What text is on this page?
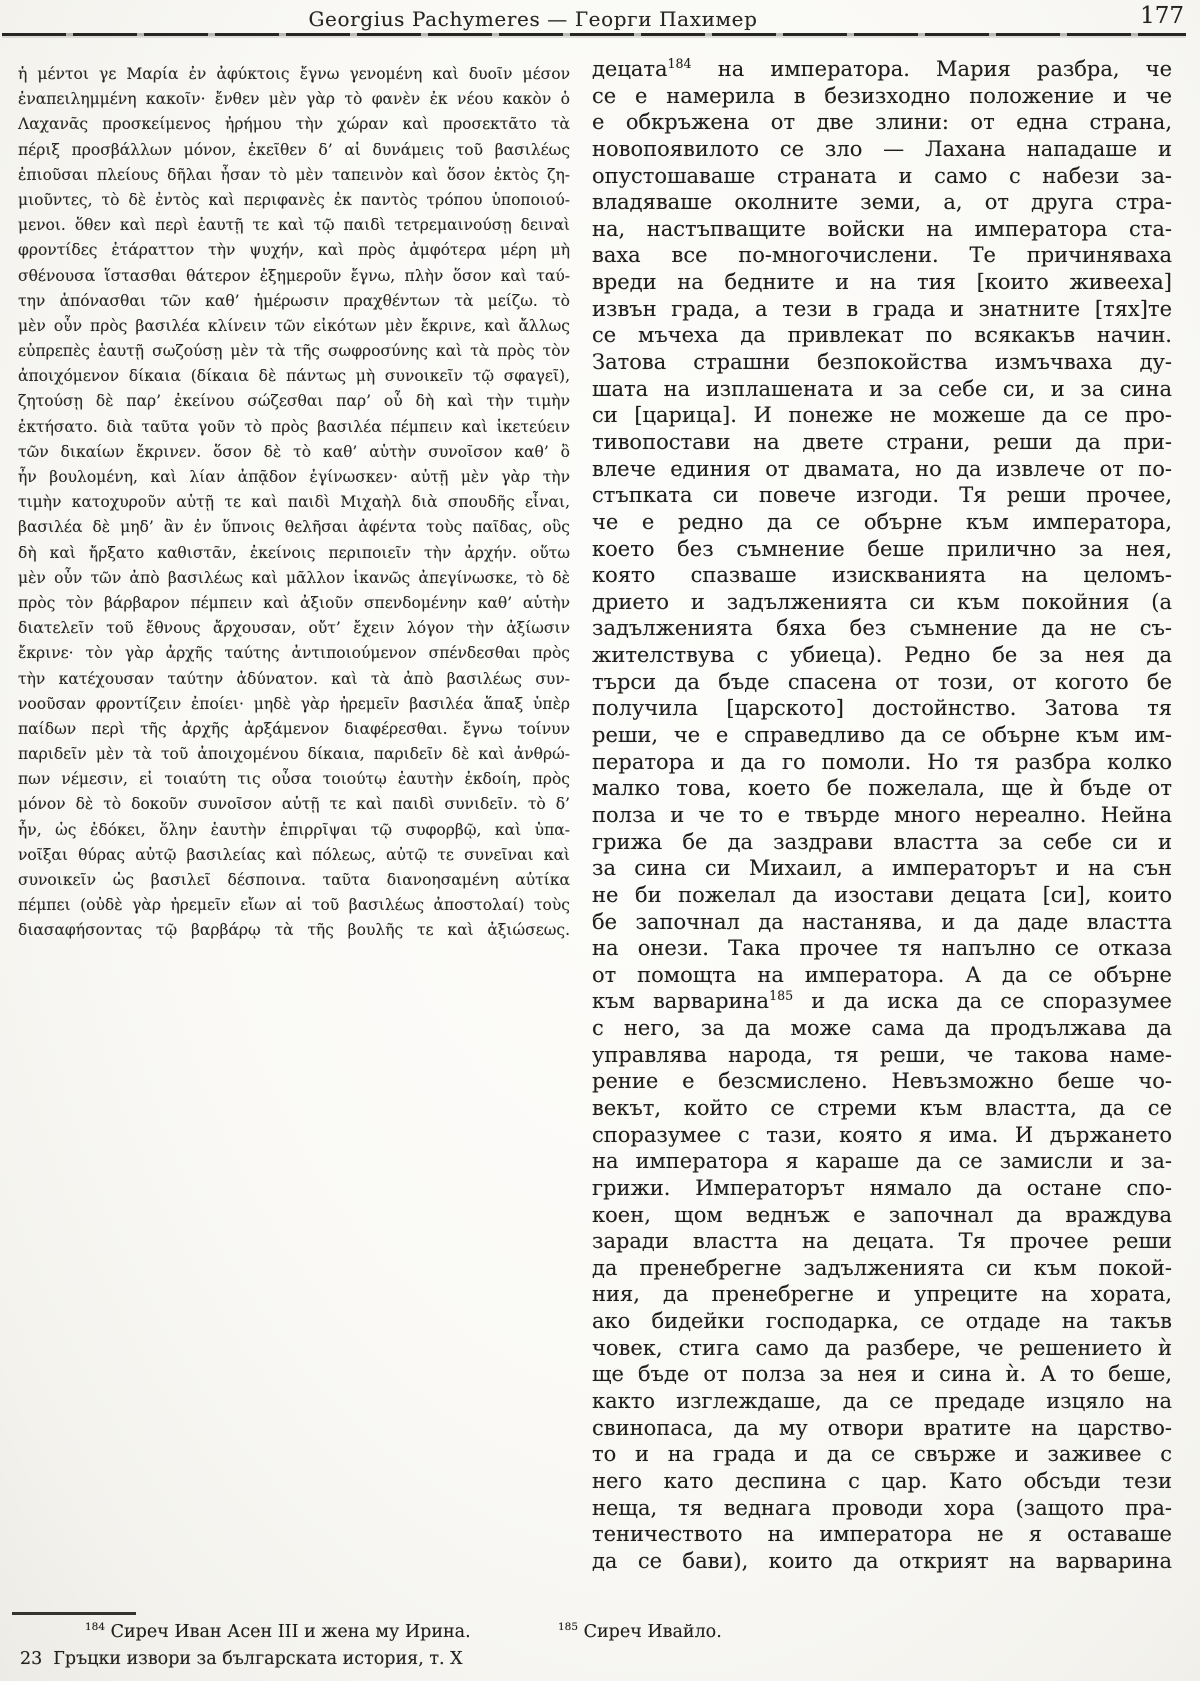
Georgius Pachymeres — Георги Пахимер	177
ἡ μέντοι γε Μαρία ἐν ἀφύκτοις ἔγνω γενομένη καὶ δυοῖν μέσον
ἐναπειλημμένη κακοῖν· ἔνθεν μὲν γὰρ τὸ φανὲν ἐκ νέου κακὸν ὁ
Λαχανᾶς προσκείμενος ἠρήμου τὴν χώραν καὶ προσεκτᾶτο τὰ
πέριξ προσβάλλων μόνον, ἐκεῖθεν δ’ αἱ δυνάμεις τοῦ βασιλέως
ἐπιοῦσαι πλείους δῆλαι ἦσαν τὸ μὲν ταπεινὸν καὶ ὅσον ἐκτὸς ζη-
μιοῦντες, τὸ δὲ ἐντὸς καὶ περιφανὲς ἐκ παντὸς τρόπου ὑποποιού-
μενοι. ὅθεν καὶ περὶ ἑαυτῇ τε καὶ τῷ παιδὶ τετρεμαινούσῃ δειναὶ
φροντίδες ἐτάραττον τὴν ψυχήν, καὶ πρὸς ἀμφότερα μέρη μὴ
σθένουσα ἵστασθαι θάτερον ἐξημεροῦν ἔγνω, πλὴν ὅσον καὶ ταύ-
την ἀπόνασθαι τῶν καθ’ ἡμέρωσιν πραχθέντων τὰ μείζω. τὸ
μὲν οὖν πρὸς βασιλέα κλίνειν τῶν εἰκότων μὲν ἔκρινε, καὶ ἄλλως
εὐπρεπὲς ἑαυτῇ σωζούσῃ μὲν τὰ τῆς σωφροσύνης καὶ τὰ πρὸς τὸν
ἀποιχόμενον δίκαια (δίκαια δὲ πάντως μὴ συνοικεῖν τῷ σφαγεῖ),
ζητούσῃ δὲ παρ’ ἐκείνου σώζεσθαι παρ’ οὗ δὴ καὶ τὴν τιμὴν
ἐκτήσατο. διὰ ταῦτα γοῦν τὸ πρὸς βασιλέα πέμπειν καὶ ἱκετεύειν
τῶν δικαίων ἔκρινεν. ὅσον δὲ τὸ καθ’ αὑτὴν συνοῖσον καθ’ ὃ
ἦν βουλομένη, καὶ λίαν ἀπᾷδον ἐγίνωσκεν· αὐτῇ μὲν γὰρ τὴν
τιμὴν κατοχυροῦν αὑτῇ τε καὶ παιδὶ Μιχαὴλ διὰ σπουδῆς εἶναι,
βασιλέα δὲ μηδ’ ἂν ἐν ὕπνοις θελῆσαι ἀφέντα τοὺς παῖδας, οὓς
δὴ καὶ ἤρξατο καθιστᾶν, ἐκείνοις περιποιεῖν τὴν ἀρχήν. οὕτω
μὲν οὖν τῶν ἀπὸ βασιλέως καὶ μᾶλλον ἱκανῶς ἀπεγίνωσκε, τὸ δὲ
πρὸς τὸν βάρβαρον πέμπειν καὶ ἀξιοῦν σπενδομένην καθ’ αὑτὴν
διατελεῖν τοῦ ἔθνους ἄρχουσαν, οὔτ’ ἔχειν λόγον τὴν ἀξίωσιν
ἔκρινε· τὸν γὰρ ἀρχῆς ταύτης ἀντιποιούμενον σπένδεσθαι πρὸς
τὴν κατέχουσαν ταύτην ἀδύνατον. καὶ τὰ ἀπὸ βασιλέως συν-
νοοῦσαν φροντίζειν ἐποίει· μηδὲ γὰρ ἠρεμεῖν βασιλέα ἅπαξ ὑπὲρ
παίδων περὶ τῆς ἀρχῆς ἀρξάμενον διαφέρεσθαι. ἔγνω τοίνυν
παριδεῖν μὲν τὰ τοῦ ἀποιχομένου δίκαια, παριδεῖν δὲ καὶ ἀνθρώ-
πων νέμεσιν, εἰ τοιαύτη τις οὖσα τοιούτῳ ἑαυτὴν ἐκδοίη, πρὸς
μόνον δὲ τὸ δοκοῦν συνοῖσον αὐτῇ τε καὶ παιδὶ συνιδεῖν. τὸ δ’
ἦν, ὡς ἐδόκει, ὅλην ἑαυτὴν ἐπιρρῖψαι τῷ συφορβῷ, καὶ ὑπα-
νοῖξαι θύρας αὐτῷ βασιλείας καὶ πόλεως, αὐτῷ τε συνεῖναι καὶ
συνοικεῖν ὡς βασιλεῖ δέσποινα. ταῦτα διανοησαμένη αὐτίκα
πέμπει (οὐδὲ γὰρ ἠρεμεῖν εἴων αἱ τοῦ βασιλέως ἀποστολαί) τοὺς
διασαφήσοντας τῷ βαρβάρῳ τὰ τῆς βουλῆς τε καὶ ἀξιώσεως.
децата$^{184}$ на императора. Мария разбра, че
се е намерила в безизходно положение и че
е обкръжена от две злини: от една страна,
новопоявилото се зло — Лахана нападаше и
опустошаваше страната и само с набези за-
владяваше околните земи, а, от друга стра-
на, настъпващите войски на императора ста-
ваха все по-многочислени. Те причиняваха
вреди на бедните и на тия [които живееха]
извън града, а тези в града и знатните [тях]те
се мъчеха да привлекат по всякакъв начин.
Затова страшни безпокойства измъчваха ду-
шата на изплашената и за себе си, и за сина
си [царица]. И понеже не можеше да се про-
тивопостави на двете страни, реши да при-
влече единия от двамата, но да извлече от по-
стъпката си повече изгоди. Тя реши прочее,
че е редно да се обърне към императора,
което без съмнение беше прилично за нея,
която спазваше изискванията на целомъ-
дрието и задълженията си към покойния (а
задълженията бяха без съмнение да не съ-
жителствува с убиеца). Редно бе за нея да
търси да бъде спасена от този, от когото бе
получила [царското] достойнство. Затова тя
реши, че е справедливо да се обърне към им-
ператора и да го помоли. Но тя разбра колко
малко това, което бе пожелала, ще ѝ бъде от
полза и че то е твърде много нереално. Нейна
грижа бе да заздрави властта за себе си и
за сина си Михаил, а императорът и на сън
не би пожелал да изостави децата [си], които
бе започнал да настанява, и да даде властта
на онези. Така прочее тя напълно се отказа
от помощта на императора. А да се обърне
към варварина$^{185}$ и да иска да се споразумее
с него, за да може сама да продължава да
управлява народа, тя реши, че такова наме-
рение е безсмислено. Невъзможно беше чо-
векът, който се стреми към властта, да се
споразумее с тази, която я има. И държането
на императора я караше да се замисли и за-
грижи. Императорът нямало да остане спо-
коен, щом веднъж е започнал да враждува
заради властта на децата. Тя прочее реши
да пренебрегне задълженията си към покой-
ния, да пренебрегне и упреците на хората,
ако бидейки господарка, се отдаде на такъв
човек, стига само да разбере, че решението ѝ
ще бъде от полза за нея и сина ѝ. А то беше,
както изглеждаше, да се предаде изцяло на
свинопаса, да му отвори вратите на царство-
то и на града и да се свърже и заживее с
него като деспина с цар. Като обсъди тези
неща, тя веднага проводи хора (защото пра-
теничеството на императора не я оставаше
да се бави), които да открият на варварина
$^{184}$ Сиреч Иван Асен III и жена му Ирина.	$^{185}$ Сиреч Ивайло.
23 Гръцки извори за българската история, т. X
